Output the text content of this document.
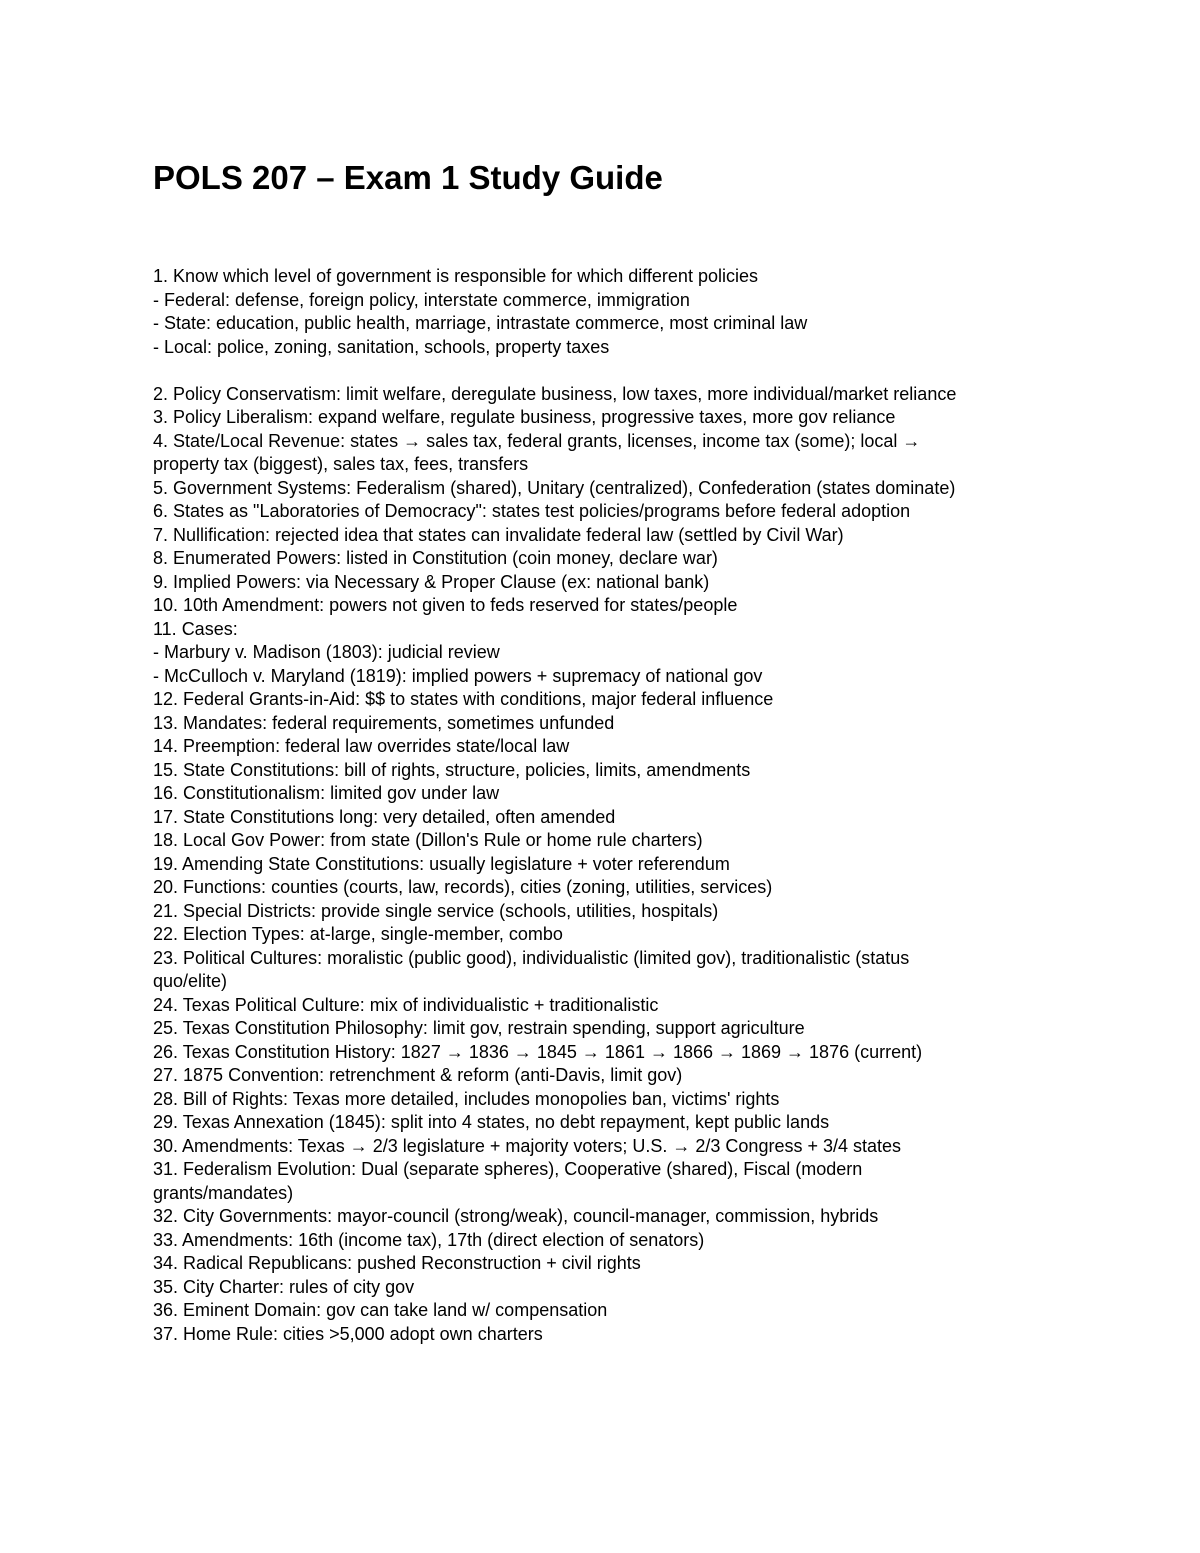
POLS 207 – Exam 1 Study Guide

1. Know which level of government is responsible for which different policies

- Federal: defense, foreign policy, interstate commerce, immigration

- State: education, public health, marriage, intrastate commerce, most criminal law

- Local: police, zoning, sanitation, schools, property taxes

2. Policy Conservatism: limit welfare, deregulate business, low taxes, more individual/market reliance

3. Policy Liberalism: expand welfare, regulate business, progressive taxes, more gov reliance

4. State/Local Revenue: states → sales tax, federal grants, licenses, income tax (some); local →

property tax (biggest), sales tax, fees, transfers

5. Government Systems: Federalism (shared), Unitary (centralized), Confederation (states dominate)

6. States as "Laboratories of Democracy": states test policies/programs before federal adoption

7. Nullification: rejected idea that states can invalidate federal law (settled by Civil War)

8. Enumerated Powers: listed in Constitution (coin money, declare war)

9. Implied Powers: via Necessary & Proper Clause (ex: national bank)

10. 10th Amendment: powers not given to feds reserved for states/people

11. Cases:

- Marbury v. Madison (1803): judicial review

- McCulloch v. Maryland (1819): implied powers + supremacy of national gov

12. Federal Grants-in-Aid: $$ to states with conditions, major federal influence

13. Mandates: federal requirements, sometimes unfunded

14. Preemption: federal law overrides state/local law

15. State Constitutions: bill of rights, structure, policies, limits, amendments

16. Constitutionalism: limited gov under law

17. State Constitutions long: very detailed, often amended

18. Local Gov Power: from state (Dillon's Rule or home rule charters)

19. Amending State Constitutions: usually legislature + voter referendum

20. Functions: counties (courts, law, records), cities (zoning, utilities, services)

21. Special Districts: provide single service (schools, utilities, hospitals)

22. Election Types: at-large, single-member, combo

23. Political Cultures: moralistic (public good), individualistic (limited gov), traditionalistic (status

quo/elite)

24. Texas Political Culture: mix of individualistic + traditionalistic

25. Texas Constitution Philosophy: limit gov, restrain spending, support agriculture

26. Texas Constitution History: 1827 → 1836 → 1845 → 1861 → 1866 → 1869 → 1876 (current)

27. 1875 Convention: retrenchment & reform (anti-Davis, limit gov)

28. Bill of Rights: Texas more detailed, includes monopolies ban, victims' rights

29. Texas Annexation (1845): split into 4 states, no debt repayment, kept public lands

30. Amendments: Texas → 2/3 legislature + majority voters; U.S. → 2/3 Congress + 3/4 states

31. Federalism Evolution: Dual (separate spheres), Cooperative (shared), Fiscal (modern

grants/mandates)

32. City Governments: mayor-council (strong/weak), council-manager, commission, hybrids

33. Amendments: 16th (income tax), 17th (direct election of senators)

34. Radical Republicans: pushed Reconstruction + civil rights

35. City Charter: rules of city gov

36. Eminent Domain: gov can take land w/ compensation

37. Home Rule: cities >5,000 adopt own charters
